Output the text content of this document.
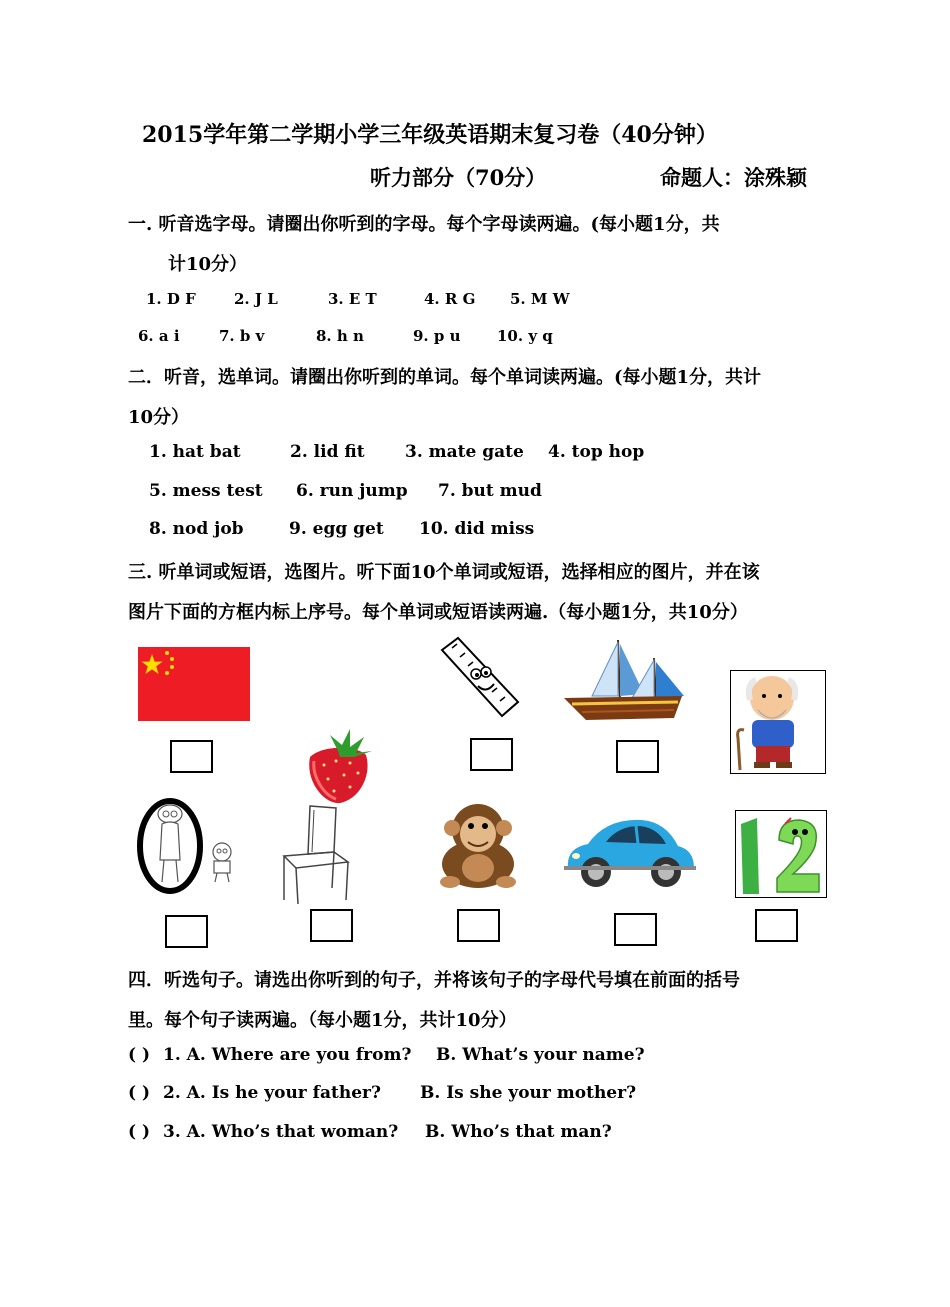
2015学年第二学期小学三年级英语期末复习卷（40分钟）
听力部分（70分）	命题人：涂殊颖
一. 听音选字母。请圈出你听到的字母。每个字母读两遍。(每小题1分，共
计10分）
1. D F	2. J L	3. E T	4. R G 5. M W
6. a i	7. b v	8. h n	9. p u 10. y q
二．听音，选单词。请圈出你听到的单词。每个单词读两遍。(每小题1分，共计
10分）
1. hat bat	2. lid fit 3. mate gate 4. top hop
5. mess test 6. run jump 7. but mud
8. nod job	9. egg get 10. did miss
三. 听单词或短语，选图片。听下面10个单词或短语，选择相应的图片，并在该
图片下面的方框内标上序号。每个单词或短语读两遍.（每小题1分，共10分）
四．听选句子。请选出你听到的句子，并将该句子的字母代号填在前面的括号
里。每个句子读两遍。（每小题1分，共计10分）
( ) 1. A. Where are you from? B. What’s your name?
( ) 2. A. Is he your father? B. Is she your mother?
( ) 3. A. Who’s that woman? B. Who’s that man?
